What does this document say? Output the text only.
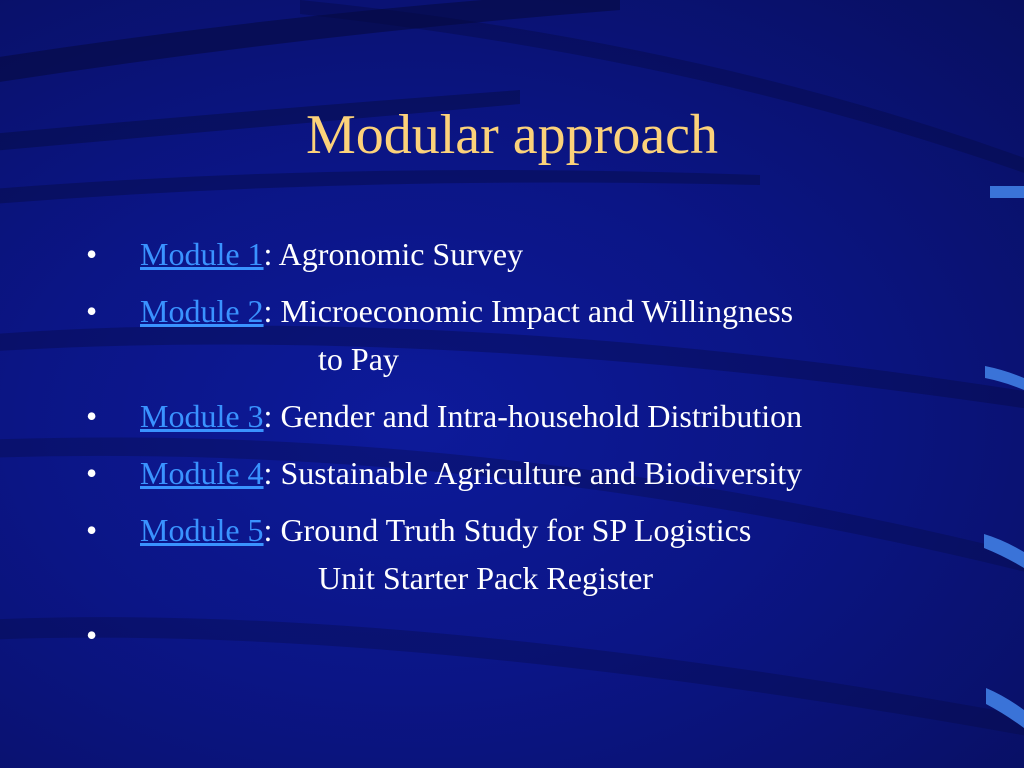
Modular approach
• Module 1: Agronomic Survey
• Module 2: Microeconomic Impact and Willingness
to Pay
• Module 3: Gender and Intra-household Distribution
• Module 4: Sustainable Agriculture and Biodiversity
• Module 5: Ground Truth Study for SP Logistics
Unit Starter Pack Register
•
